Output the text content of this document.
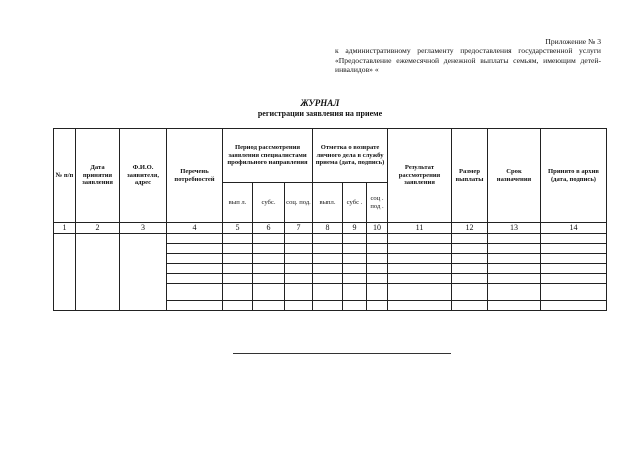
Приложение № 3
к административному регламенту предоставления государственной услуги «Предоставление ежемесячной денежной выплаты семьям, имеющим детей-инвалидов» «
ЖУРНАЛ
регистрации заявления на приеме
№ п/п	Дата принятия заявления	Ф.И.О. заявителя, адрес	Перечень потребностей	Период рассмотрения заявления специалистами профильного направления			Отметка о возврате личного дела в службу приема (дата, подпись)			Результат рассмотрения заявления	Размер выплаты	Срок назначения	Принято в архив (дата, подпись)
				вып л.	субс.	соц. под.	выпл.	субс .	соц . под .				
1	2	3	4	5	6	7	8	9	10	11	12	13	14
